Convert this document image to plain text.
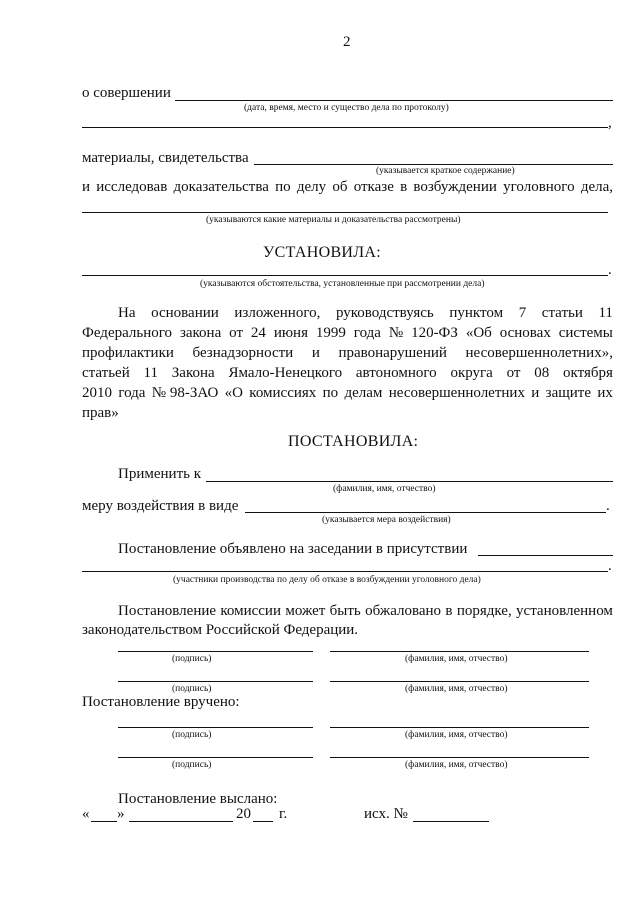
2
о совершении
(дата, время, место и существо дела по протоколу)
,
материалы, свидетельства
(указывается краткое содержание)
и исследовав доказательства по делу об отказе в возбуждении уголовного дела,
(указываются какие материалы и доказательства рассмотрены)
УСТАНОВИЛА:
.
(указываются обстоятельства, установленные при рассмотрении дела)
На основании изложенного, руководствуясь пунктом 7 статьи 11
Федерального закона от 24 июня 1999 года № 120-ФЗ «Об основах системы
профилактики безнадзорности и правонарушений несовершеннолетних»,
статьей 11 Закона Ямало-Ненецкого автономного округа от 08 октября
2010 года № 98-ЗАО «О комиссиях по делам несовершеннолетних и защите их
прав»
ПОСТАНОВИЛА:
Применить к
(фамилия, имя, отчество)
меру воздействия в виде	.
(указывается мера воздействия)
Постановление объявлено на заседании в присутствии
.
(участники производства по делу об отказе в возбуждении уголовного дела)
Постановление комиссии может быть обжаловано в порядке, установленном
законодательством Российской Федерации.
(подпись)	(фамилия, имя, отчество)
(подпись)	(фамилия, имя, отчество)
Постановление вручено:
(подпись)	(фамилия, имя, отчество)
(подпись)	(фамилия, имя, отчество)
Постановление выслано:
« »	20 г.	исх. №
